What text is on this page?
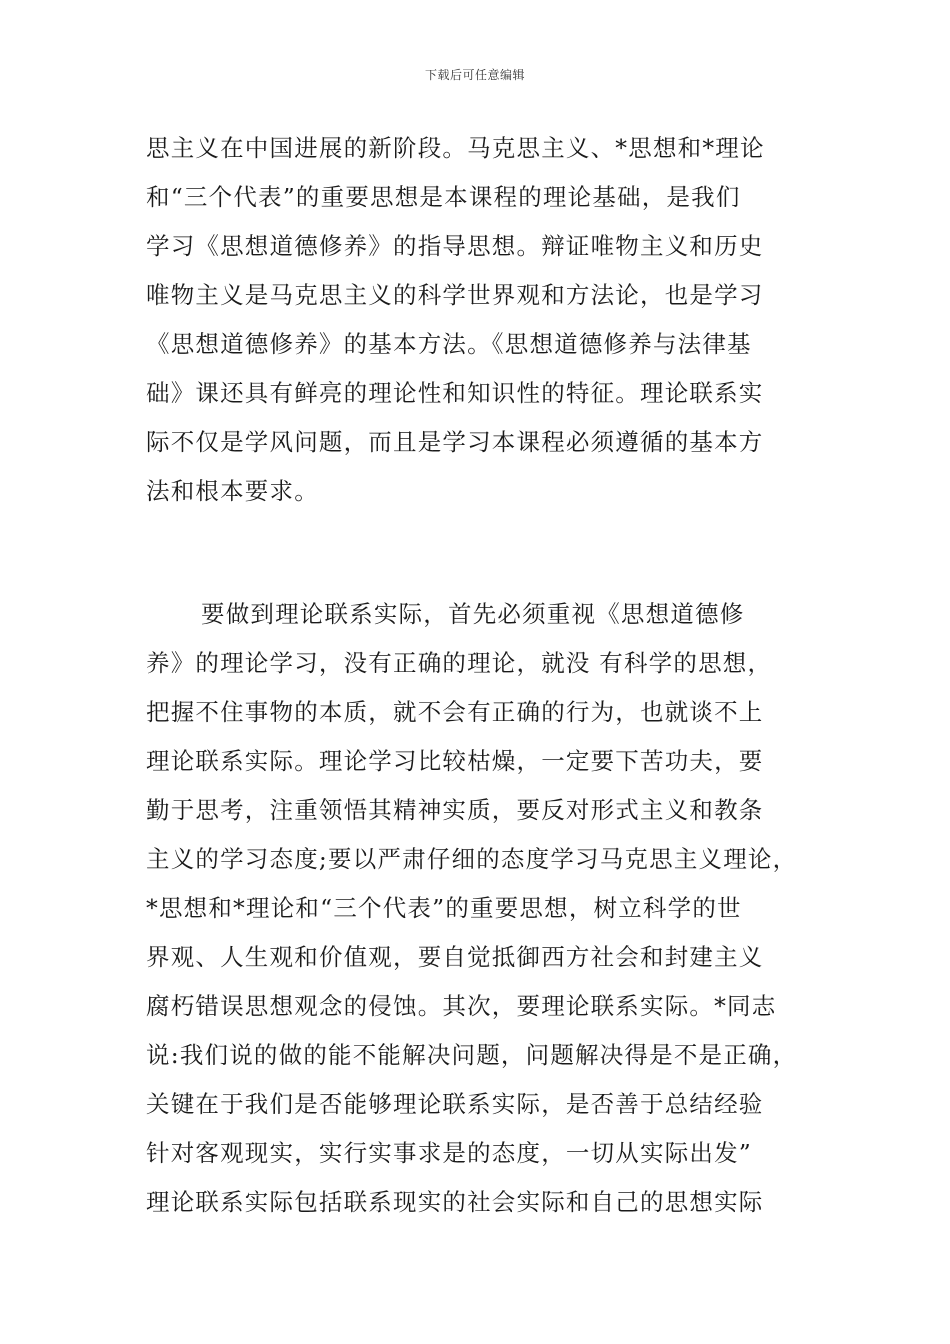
下载后可任意编辑
思主义在中国进展的新阶段。马克思主义、*思想和*理论
和“三个代表”的重要思想是本课程的理论基础，是我们
学习《思想道德修养》的指导思想。辩证唯物主义和历史
唯物主义是马克思主义的科学世界观和方法论，也是学习
《思想道德修养》的基本方法。《思想道德修养与法律基
础》课还具有鲜亮的理论性和知识性的特征。理论联系实
际不仅是学风问题，而且是学习本课程必须遵循的基本方
法和根本要求。
要做到理论联系实际，首先必须重视《思想道德修
养》的理论学习，没有正确的理论，就没 有科学的思想，
把握不住事物的本质，就不会有正确的行为，也就谈不上
理论联系实际。理论学习比较枯燥，一定要下苦功夫，要
勤于思考，注重领悟其精神实质，要反对形式主义和教条
主义的学习态度;要以严肃仔细的态度学习马克思主义理论，
*思想和*理论和“三个代表”的重要思想，树立科学的世
界观、人生观和价值观，要自觉抵御西方社会和封建主义
腐朽错误思想观念的侵蚀。其次，要理论联系实际。*同志
说:我们说的做的能不能解决问题，问题解决得是不是正确，
关键在于我们是否能够理论联系实际，是否善于总结经验
针对客观现实，实行实事求是的态度，一切从实际出发”
理论联系实际包括联系现实的社会实际和自己的思想实际
